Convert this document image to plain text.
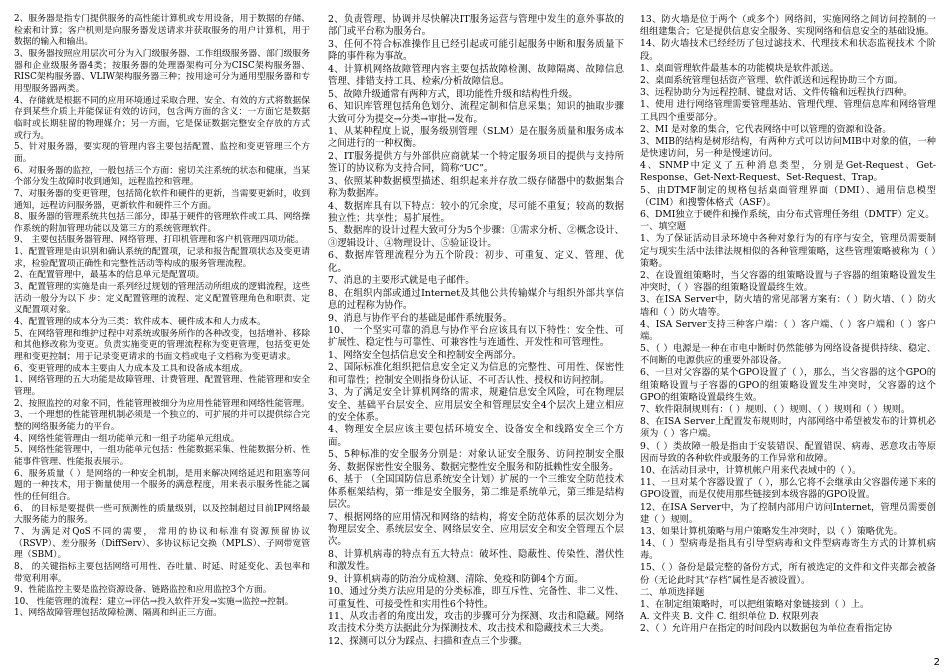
2、服务器是指专门提供服务的高性能计算机或专用设备，用于数据的存储、检索和计算；客户机则是向服务器发送请求并获取服务的用户计算机，用于数据的输入和输出。

3、服务器按照应用层次可分为入门级服务器、工作组级服务器、部门级服务器和企业级服务器4类；按服务器的处理器架构可分为CISC架构服务器、RISC架构服务器、VLIW架构服务器三种；按用途可分为通用型服务器和专用型服务器两类。

4、存储就是根据不同的应用环境通过采取合理、安全、有效的方式将数据保存到某些介质上并能保证有效的访问，包含两方面的含义：一方面它是数据临时或长期驻留的物理媒介；另一方面，它是保证数据完整安全存放的方式或行为。

5、针对服务器，要实现的管理内容主要包括配置、监控和变更管理三个方面。

6、对服务器的监控，一般包括三个方面：密切关注系统的状态和健康，当某个部分发生故障时收到通知，远程监控和管理。

7、对服务器的变更管理，包括简化软件和硬件的更新，当需要更新时，收到通知，远程访问服务器，更新软件和硬件三个方面。

8、服务器的管理系统共包括三部分，即基于硬件的管理软件或工具、网络操作系统的附加管理功能以及第三方的系统管理软件。

9、 主要包括服务器管理、网络管理、打印机管理和客户机管理四项功能。

1、配置管理是由识别和确认系统的配置项，记录和报告配置项状态及变更请求，检验配置项正确性和完整性活动等构成的服务管理流程。

2、在配置管理中，最基本的信息单元是配置项。

3、配置管理的实施是由一系列经过规划的管理活动所组成的逻辑流程，这些活动一般分为以下 步：定义配置管理的流程、定义配置管理角色和职责、定义配置项对象。

4、配置管理的成本分为三类：软件成本、硬件成本和人力成本。

5、在网络管理和维护过程中对系统或服务所作的各种改变，包括增补、移除和其他修改称为变更。负责实施变更的管理流程称为变更管理，包括变更处理和变更控制；用于记录变更请求的书面文档或电子文档称为变更请求。

6、变更管理的成本主要由人力成本及工具和设备成本组成。

1、网络管理的五大功能是故障管理、计费管理、配置管理、性能管理和安全管理。

2、按照监控的对象不同，性能管理被细分为应用性能管理和网络性能管理。

3、一个理想的性能管理机制必须是一个独立的、可扩展的并可以提供综合完整的网络服务能力的平台。

4、网络性能管理由一组功能单元和一组子功能单元组成。

5、网络性能管理中，一组功能单元包括：性能数据采集、性能数据分析、性能事件管理、性能报表展示。

6、服务质量（ ）是网络的一种安全机制，是用来解决网络延迟和阻塞等问题的一种技术，用于衡量使用一个服务的满意程度，用来表示服务性能之属性的任何组合。

6、 的目标是要提供一些可预测性的质量级别，以及控制超过目前IP网络最大服务能力的服务。

7、为满足对QoS不同的需要， 常用的协议和标准有资源预留协议（RSVP）、差分服务（DiffServ）、多协议标记交换（MPLS）、子网带宽管理（SBM）。

8、 的关键指标主要包括网络可用性、吞吐量、时延、时延变化、丢包率和带宽利用率。

9、性能监控主要是监控资源设备、链路监控和应用监控3个方面。

10、 性能管理的流程：建立→评估→投入软件开发→实施→监控→控制。

1、网络故障管理包括故障检测、隔离和纠正三方面。

2、负责管理、协调并尽快解决IT服务运营与管理中发生的意外事故的部门或平台称为服务台。

3、任何不符合标准操作且已经引起或可能引起服务中断和服务质量下降的事件称为事故。

4、计算机网络故障管理内容主要包括故障检测、故障隔离、故障信息管理、排错支持工具、检索/分析故障信息。

5、故障升级通常有两种方式，即功能性升级和结构性升级。

6、知识库管理包括角色划分、流程定制和信息采集；知识的抽取步骤大致可分为提交→分类→审批→发布。

1、从某种程度上说，服务级别管理（SLM）是在服务质量和服务成本之间进行的一种权衡。

2、IT服务提供方与外部供应商就某一个特定服务项目的提供与支持所签订的协议称为支持合同，简称“UC”。

3、依照某种数据模型描述、组织起来并存放二级存储器中的数据集合称为数据库。

4、数据库具有以下特点：较小的冗余度，尽可能不重复；较高的数据独立性；共享性；易扩展性。

5、数据库的设计过程大致可分为5个步骤：①需求分析、②概念设计、③逻辑设计、④物理设计、⑤验证设计。

6、数据库管理流程分为五个阶段：初步、可重复、定义、管理、优化。

7、消息的主要形式就是电子邮件。

8、在组织内部或通过Internet及其他公共传输媒介与组织外部共享信息的过程称为协作。

9、消息与协作平台的基础是邮件系统服务。

10、 一个坚实可靠的消息与协作平台应该具有以下特性：安全性、可扩展性、稳定性与可靠性、可兼容性与连通性、开发性和可管理性。

1、网络安全包括信息安全和控制安全两部分。

2、国际标准化组织把信息安全定义为信息的完整性、可用性、保密性和可靠性；控制安全则指身份认证、不可否认性、授权和访问控制。

3、为了满足安全计算机网络的需求，规避信息安全风险，可在物理层安全、基础平台层安全、应用层安全和管理层安全4个层次上建立相应的安全体系。

4、物理安全层应该主要包括环境安全、设备安全和线路安全三个方面。

5、5种标准的安全服务分别是：对象认证安全服务、访问控制安全服务、数据保密性安全服务、数据完整性安全服务和防抵赖性安全服务。

6、基于 （全国国防信息系统安全计划）扩展的一个三维安全防范技术体系框架结构，第一维是安全服务，第二维是系统单元，第三维是结构层次。

7、根据网络的应用情况和网络的结构，将安全防范体系的层次划分为物理层安全、系统层安全、网络层安全、应用层安全和安全管理五个层次。

8、计算机病毒的特点有五大特点：破坏性、隐蔽性、传染性、潜伏性和激发性。

9、计算机病毒的防治分成检测、清除、免疫和防御4个方面。

10、通过分类方法应用是的分类标准，即互斥性、完备性、非二义性、可重复性、可接受性和实用性6个特性。

11、从攻击者的角度出发，攻击的步骤可分为探测、攻击和隐藏。网络攻击技术分类方法据此分为探测技术、攻击技术和隐藏技术三大类。

12、探测可以分为踩点、扫描和查点三个步骤。

13、防火墙是位于两个（或多个）网络间，实施网络之间访问控制的一组组建集合；它是提供信息安全服务、实现网络和信息安全的基础设施。

14、防火墙技术已经经历了包过滤技术、代理技术和状态监视技术 个阶段。

1、桌面管理软件最基本的功能模块是软件派送。

2、桌面系统管理包括资产管理、软件派送和远程协助三个方面。

3、远程协助分为远程控制、键盘对话、文件传输和远程执行四种。

1、使用 进行网络管理需要管理基站、管理代理、管理信息库和网络管理工具四个重要部分。

2、MI 是对象的集合，它代表网络中可以管理的资源和设备。

3、MIB的结构是树形结构，有两种方式可以访问MIB中对象的值，一种是快速访问，另一种是慢速访问。

4、SNMP中定义了五种消息类型，分别是Get-Request、Get-Response、Get-Next-Request、Set-Request、Trap。

5、由DTMF制定的规格包括桌面管理界面（DMI）、通用信息模型（CIM）和搜警体格式（ASF）。

6、DMI独立于硬件和操作系统，由分布式管理任务组（DMTF）定义。

一、填空题

1、为了保证活动目录环境中各种对象行为的有序与安全，管理员需要制定与现实生活中法律法规相似的各种管理策略，这些管理策略被称为（ ）策略。

2、在设置组策略时，当父容器的组策略设置与子容器的组策略设置发生冲突时，（ ）容器的组策略设置最终生效。

3、在ISA Server中，防火墙的常见部署方案有：（ ）防火墙、（ ）防火墙和（ ）防火墙等。

4、ISA Server支持三种客户端：（ ）客户端、（ ）客户端和（ ）客户端。

5、（ ）电源是一种在市电中断时仍然能够为网络设备提供持续、稳定、不间断的电源供应的重要外部设备。

6、一旦对父容器的某个GPO设置了（ ），那么，当父容器的这个GPO的组策略设置与子容器的GPO的组策略设置发生冲突时，父容器的这个GPO的组策略设置最终生效。

7、软件限制规则有：（ ）规则、（ ）规则、（ ）规则和（ ）规则。

8、在ISA Server上配置发布规则时，内部网络中希望被发布的计算机必须为（ ）客户端。

9、（ ）类故障一般是指由于安装错误、配置错误、病毒、恶意攻击等原因而导致的各种软件或服务的工作异常和故障。

10、在活动目录中，计算机帐户用来代表域中的（ ）。

11、一旦对某个容器设置了（ ），那么它将不会继承由父容器传递下来的GPO设置，而是仅使用那些链接到本级容器的GPO设置。

12、在ISA Server中，为了控制内部用户访问Internet，管理员需要创建（ ）规则。

13、如果计算机策略与用户策略发生冲突时，以（ ）策略优先。

14、（ ）型病毒是指具有引导型病毒和文件型病毒寄生方式的计算机病毒。

15、（ ）备份是最完整的备份方式，所有被选定的文件和文件夹都会被备份（无论此时其“存档”属性是否被设置）。

二、单项选择题

1、在制定组策略时，可以把组策略对象链接到（ ）上。

A. 文件夹 B. 文件 C. 组织单位 D. 权限列表

2、（ ）允许用户在指定的时间段内以数据包为单位查看指定协

2
